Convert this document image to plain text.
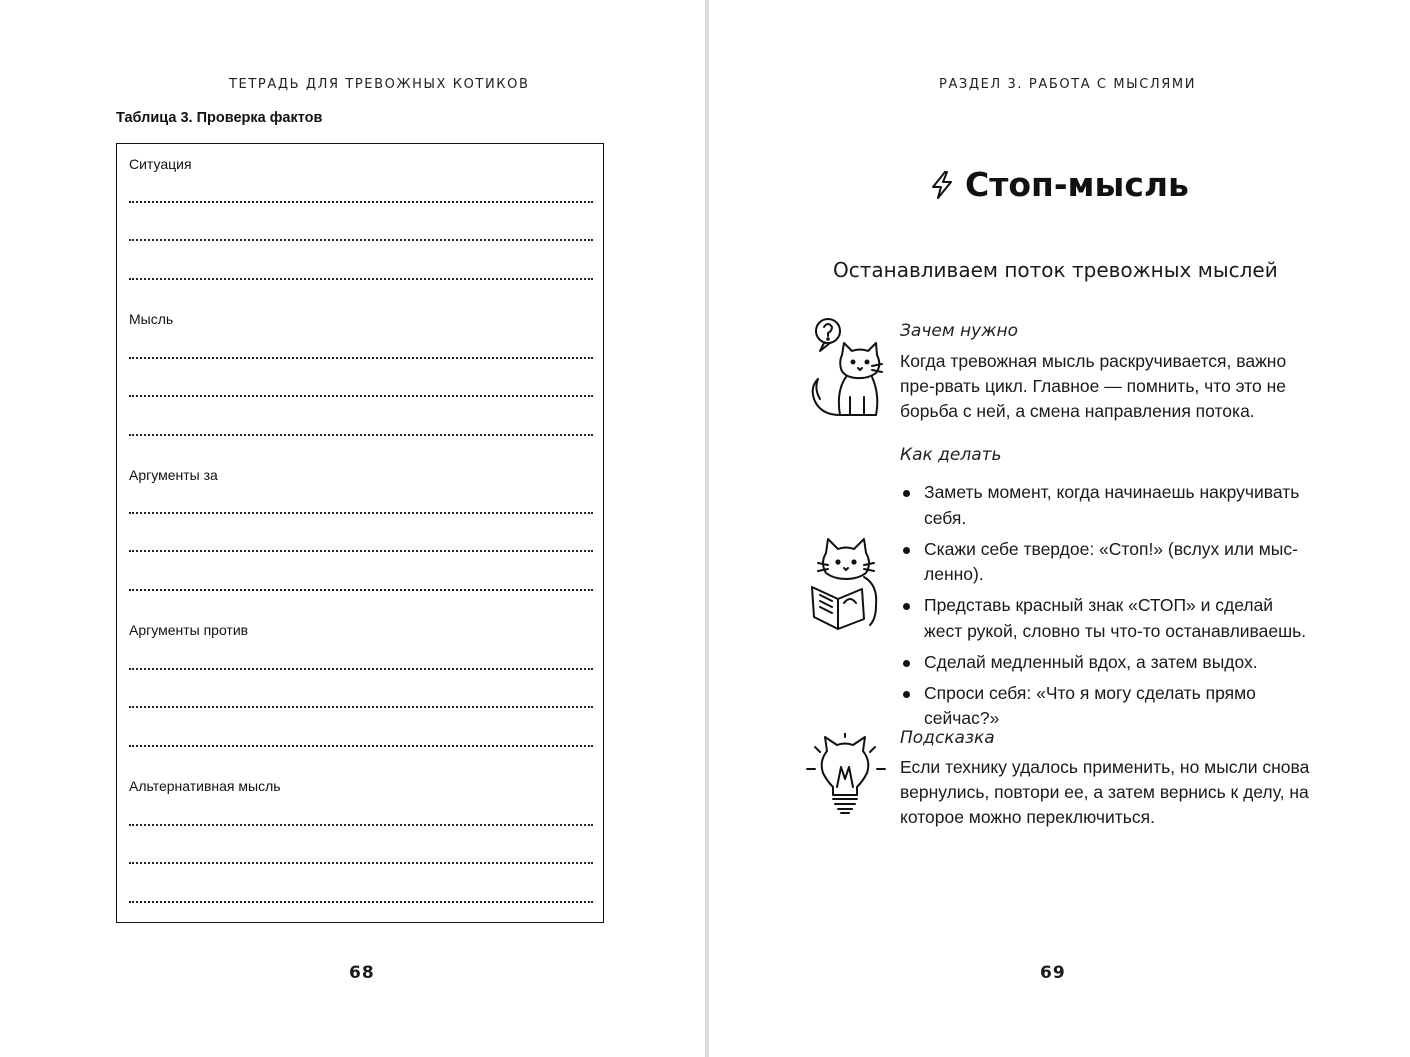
ТЕТРАДЬ ДЛЯ ТРЕВОЖНЫХ КОТИКОВ
Таблица 3. Проверка фактов
Ситуация
Мысль
Аргументы за
Аргументы против
Альтернативная мысль
68
РАЗДЕЛ 3. РАБОТА С МЫСЛЯМИ
Стоп-мысль
Останавливаем поток тревожных мыслей
Зачем нужно
Когда тревожная мысль раскручивается, важно пре-рвать цикл. Главное — помнить, что это не борьба с ней, а смена направления потока.
Как делать
Заметь момент, когда начинаешь накручивать себя.
Скажи себе твердое: «Стоп!» (вслух или мыс-ленно).
Представь красный знак «СТОП» и сделай жест рукой, словно ты что-то останавливаешь.
Сделай медленный вдох, а затем выдох.
Спроси себя: «Что я могу сделать прямо сейчас?»
Подсказка
Если технику удалось применить, но мысли снова вернулись, повтори ее, а затем вернись к делу, на которое можно переключиться.
69
